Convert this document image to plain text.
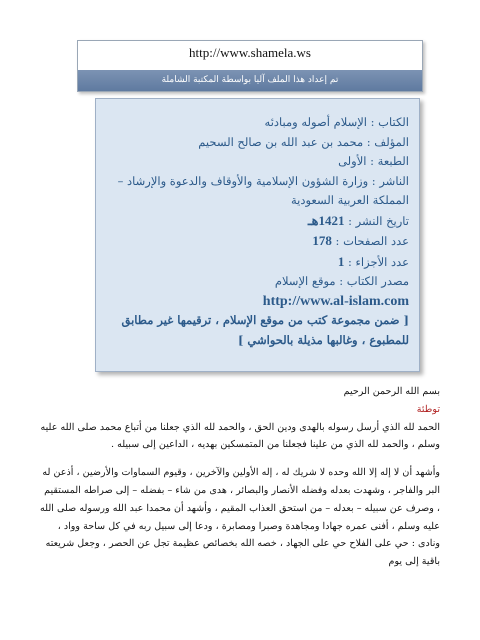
http://www.shamela.ws
تم إعداد هذا الملف آليا بواسطة المكتبة الشاملة
الكتاب : الإسلام أصوله ومبادئه
المؤلف : محمد بن عبد الله بن صالح السحيم
الطبعة : الأولى
الناشر : وزارة الشؤون الإسلامية والأوقاف والدعوة والإرشاد – المملكة العربية السعودية
تاريخ النشر : 1421هـ
عدد الصفحات : 178
عدد الأجزاء : 1
مصدر الكتاب : موقع الإسلام
http://www.al-islam.com
[ ضمن مجموعة كتب من موقع الإسلام ، ترقيمها غير مطابق للمطبوع ، وغالبها مذيلة بالحواشي ]

بسم الله الرحمن الرحيم

توطئة

الحمد لله الذي أرسل رسوله بالهدى ودين الحق ، والحمد لله الذي جعلنا من أتباع محمد صلى الله عليه وسلم ، والحمد لله الذي من علينا فجعلنا من المتمسكين بهديه ، الداعين إلى سبيله .

وأشهد أن لا إله إلا الله وحده لا شريك له ، إله الأولين والآخرين ، وقيوم السماوات والأرضين ، أذعن له البر والفاجر ، وشهدت بعدله وفضله الأنصار والبصائر ، هدى من شاء – بفضله – إلى صراطه المستقيم ، وصرف عن سبيله – بعدله – من استحق العذاب المقيم ، وأشهد أن محمدا عبد الله ورسوله صلى الله عليه وسلم ، أفنى عمره جهادا ومجاهدة وصبرا ومصابرة ، ودعا إلى سبيل ربه في كل ساحة وواد ، ونادى : حي على الفلاح حي على الجهاد ، خصه الله بخصائص عظيمة تجل عن الحصر ، وجعل شريعته باقية إلى يوم
